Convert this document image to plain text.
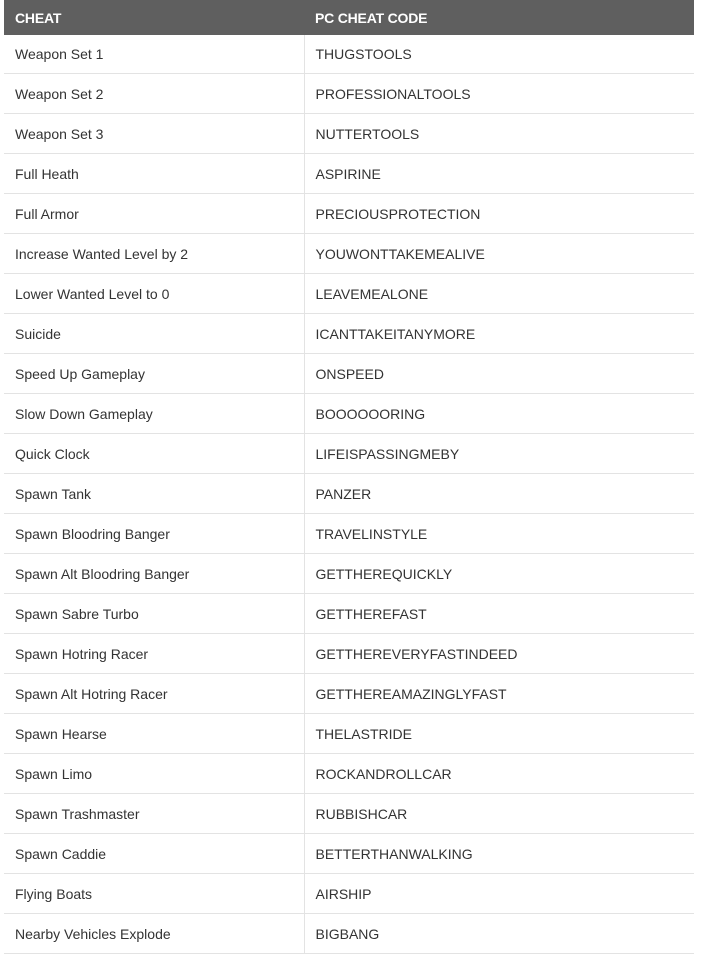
CHEAT	PC CHEAT CODE
Weapon Set 1	THUGSTOOLS
Weapon Set 2	PROFESSIONALTOOLS
Weapon Set 3	NUTTERTOOLS
Full Heath	ASPIRINE
Full Armor	PRECIOUSPROTECTION
Increase Wanted Level by 2	YOUWONTTAKEMEALIVE
Lower Wanted Level to 0	LEAVEMEALONE
Suicide	ICANTTAKEITANYMORE
Speed Up Gameplay	ONSPEED
Slow Down Gameplay	BOOOOOORING
Quick Clock	LIFEISPASSINGMEBY
Spawn Tank	PANZER
Spawn Bloodring Banger	TRAVELINSTYLE
Spawn Alt Bloodring Banger	GETTHEREQUICKLY
Spawn Sabre Turbo	GETTHEREFAST
Spawn Hotring Racer	GETTHEREVERYFASTINDEED
Spawn Alt Hotring Racer	GETTHEREAMAZINGLYFAST
Spawn Hearse	THELASTRIDE
Spawn Limo	ROCKANDROLLCAR
Spawn Trashmaster	RUBBISHCAR
Spawn Caddie	BETTERTHANWALKING
Flying Boats	AIRSHIP
Nearby Vehicles Explode	BIGBANG
